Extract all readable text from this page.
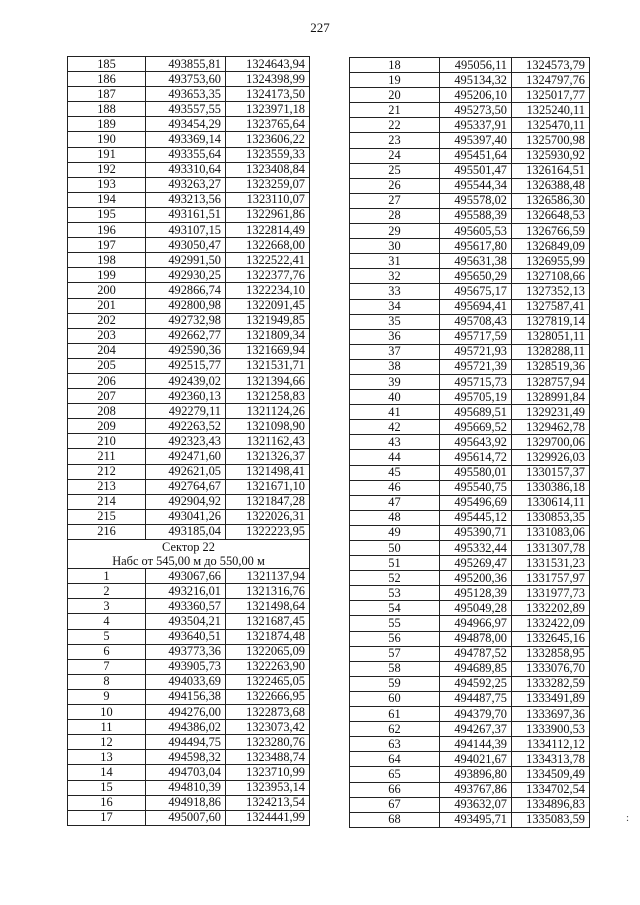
227
185	493855,81	1324643,94
186	493753,60	1324398,99
187	493653,35	1324173,50
188	493557,55	1323971,18
189	493454,29	1323765,64
190	493369,14	1323606,22
191	493355,64	1323559,33
192	493310,64	1323408,84
193	493263,27	1323259,07
194	493213,56	1323110,07
195	493161,51	1322961,86
196	493107,15	1322814,49
197	493050,47	1322668,00
198	492991,50	1322522,41
199	492930,25	1322377,76
200	492866,74	1322234,10
201	492800,98	1322091,45
202	492732,98	1321949,85
203	492662,77	1321809,34
204	492590,36	1321669,94
205	492515,77	1321531,71
206	492439,02	1321394,66
207	492360,13	1321258,83
208	492279,11	1321124,26
209	492263,52	1321098,90
210	492323,43	1321162,43
211	492471,60	1321326,37
212	492621,05	1321498,41
213	492764,67	1321671,10
214	492904,92	1321847,28
215	493041,26	1322026,31
216	493185,04	1322223,95
Сектор 22		
Набс от 545,00 м до 550,00 м		
1	493067,66	1321137,94
2	493216,01	1321316,76
3	493360,57	1321498,64
4	493504,21	1321687,45
5	493640,51	1321874,48
6	493773,36	1322065,09
7	493905,73	1322263,90
8	494033,69	1322465,05
9	494156,38	1322666,95
10	494276,00	1322873,68
11	494386,02	1323073,42
12	494494,75	1323280,76
13	494598,32	1323488,74
14	494703,04	1323710,99
15	494810,39	1323953,14
16	494918,86	1324213,54
17	495007,60	1324441,99
18	495056,11	1324573,79
19	495134,32	1324797,76
20	495206,10	1325017,77
21	495273,50	1325240,11
22	495337,91	1325470,11
23	495397,40	1325700,98
24	495451,64	1325930,92
25	495501,47	1326164,51
26	495544,34	1326388,48
27	495578,02	1326586,30
28	495588,39	1326648,53
29	495605,53	1326766,59
30	495617,80	1326849,09
31	495631,38	1326955,99
32	495650,29	1327108,66
33	495675,17	1327352,13
34	495694,41	1327587,41
35	495708,43	1327819,14
36	495717,59	1328051,11
37	495721,93	1328288,11
38	495721,39	1328519,36
39	495715,73	1328757,94
40	495705,19	1328991,84
41	495689,51	1329231,49
42	495669,52	1329462,78
43	495643,92	1329700,06
44	495614,72	1329926,03
45	495580,01	1330157,37
46	495540,75	1330386,18
47	495496,69	1330614,11
48	495445,12	1330853,35
49	495390,71	1331083,06
50	495332,44	1331307,78
51	495269,47	1331531,23
52	495200,36	1331757,97
53	495128,39	1331977,73
54	495049,28	1332202,89
55	494966,97	1332422,09
56	494878,00	1332645,16
57	494787,52	1332858,95
58	494689,85	1333076,70
59	494592,25	1333282,59
60	494487,75	1333491,89
61	494379,70	1333697,36
62	494267,37	1333900,53
63	494144,39	1334112,12
64	494021,67	1334313,78
65	493896,80	1334509,49
66	493767,86	1334702,54
67	493632,07	1334896,83
68	493495,71	1335083,59	:
